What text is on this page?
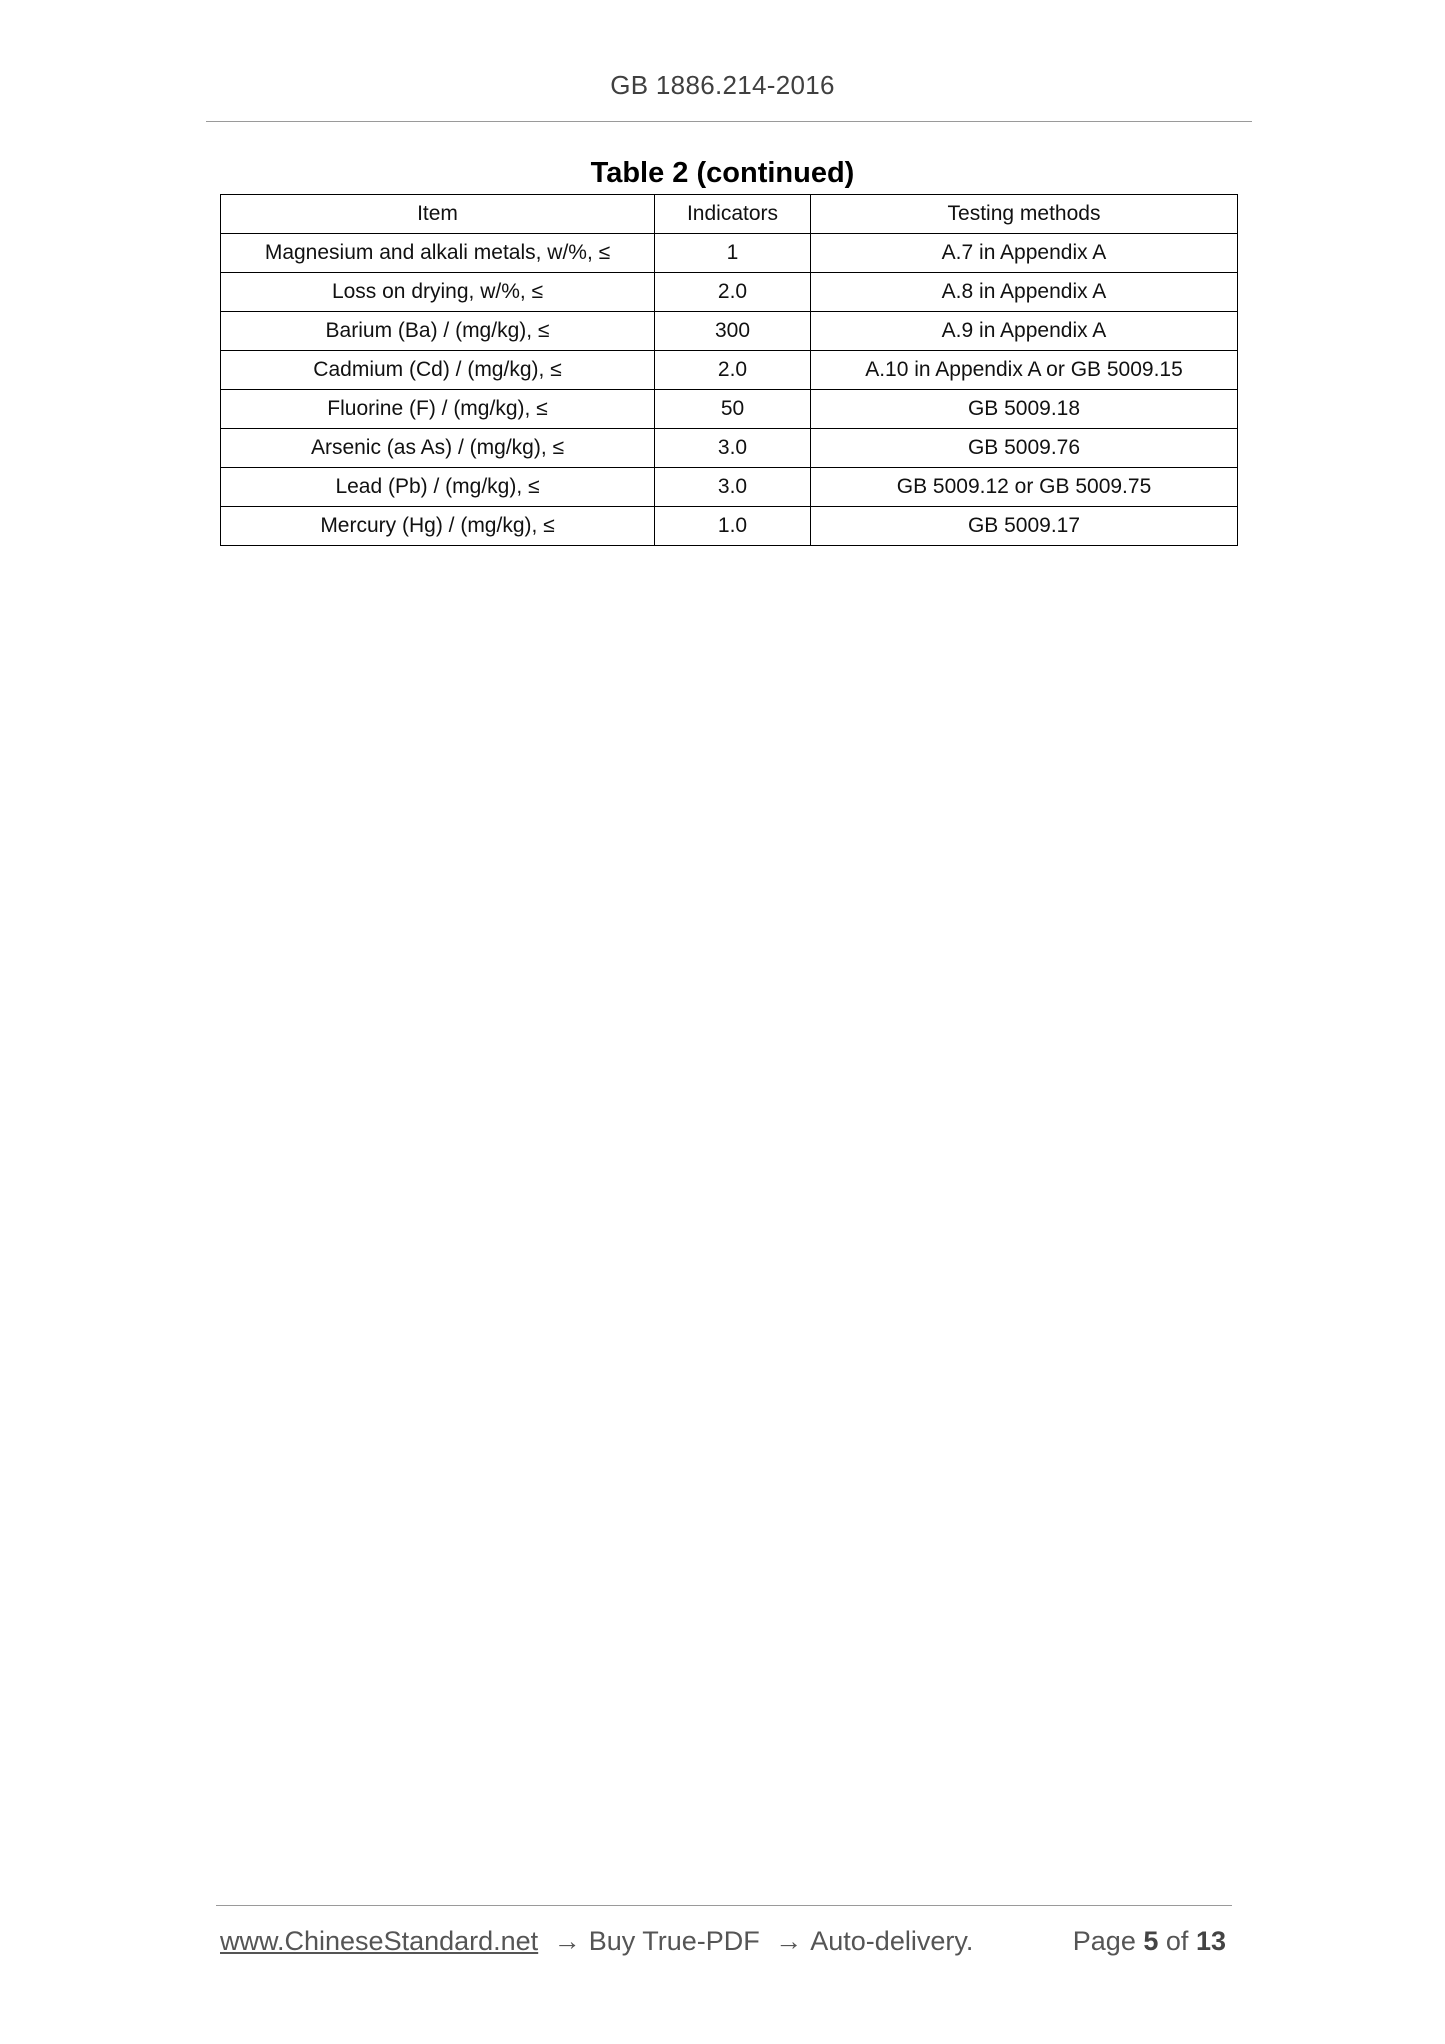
GB 1886.214-2016
Table 2 (continued)
Item	Indicators	Testing methods
Magnesium and alkali metals, w/%, ≤	1	A.7 in Appendix A
Loss on drying, w/%, ≤	2.0	A.8 in Appendix A
Barium (Ba) / (mg/kg), ≤	300	A.9 in Appendix A
Cadmium (Cd) / (mg/kg), ≤	2.0	A.10 in Appendix A or GB 5009.15
Fluorine (F) / (mg/kg), ≤	50	GB 5009.18
Arsenic (as As) / (mg/kg), ≤	3.0	GB 5009.76
Lead (Pb) / (mg/kg), ≤	3.0	GB 5009.12 or GB 5009.75
Mercury (Hg) / (mg/kg), ≤	1.0	GB 5009.17
www.ChineseStandard.net → Buy True-PDF → Auto-delivery.	Page 5 of 13
